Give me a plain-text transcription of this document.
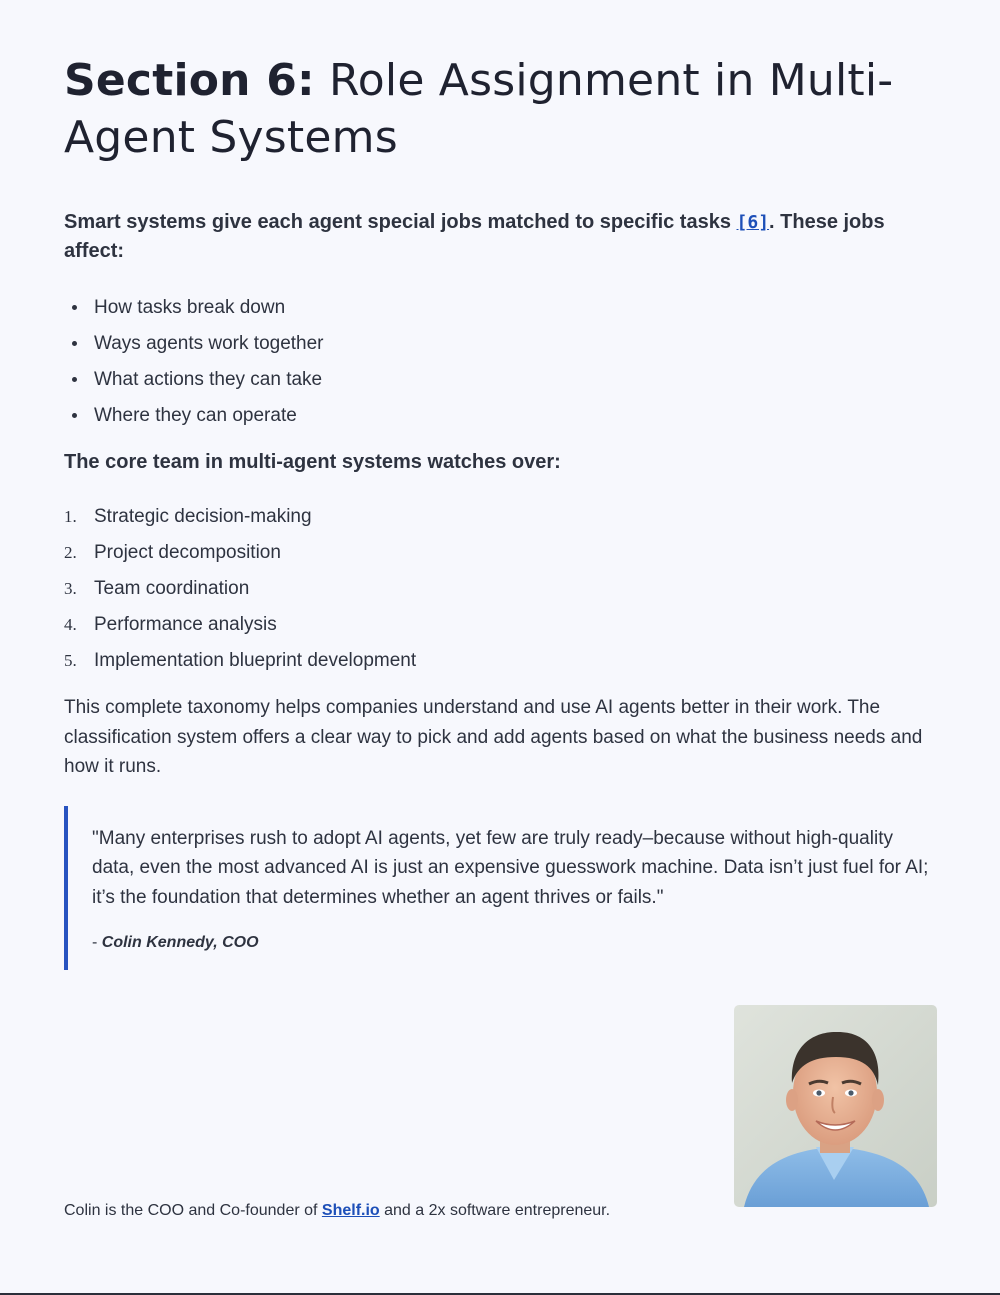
Section 6: Role Assignment in Multi-Agent Systems

Smart systems give each agent special jobs matched to specific tasks [6]. These jobs affect:

How tasks break down
Ways agents work together
What actions they can take
Where they can operate

The core team in multi-agent systems watches over:

1. Strategic decision-making
2. Project decomposition
3. Team coordination
4. Performance analysis
5. Implementation blueprint development

This complete taxonomy helps companies understand and use AI agents better in their work. The classification system offers a clear way to pick and add agents based on what the business needs and how it runs.

"Many enterprises rush to adopt AI agents, yet few are truly ready–because without high-quality data, even the most advanced AI is just an expensive guesswork machine. Data isn’t just fuel for AI; it’s the foundation that determines whether an agent thrives or fails."

- Colin Kennedy, COO

Colin is the COO and Co-founder of Shelf.io and a 2x software entrepreneur.
